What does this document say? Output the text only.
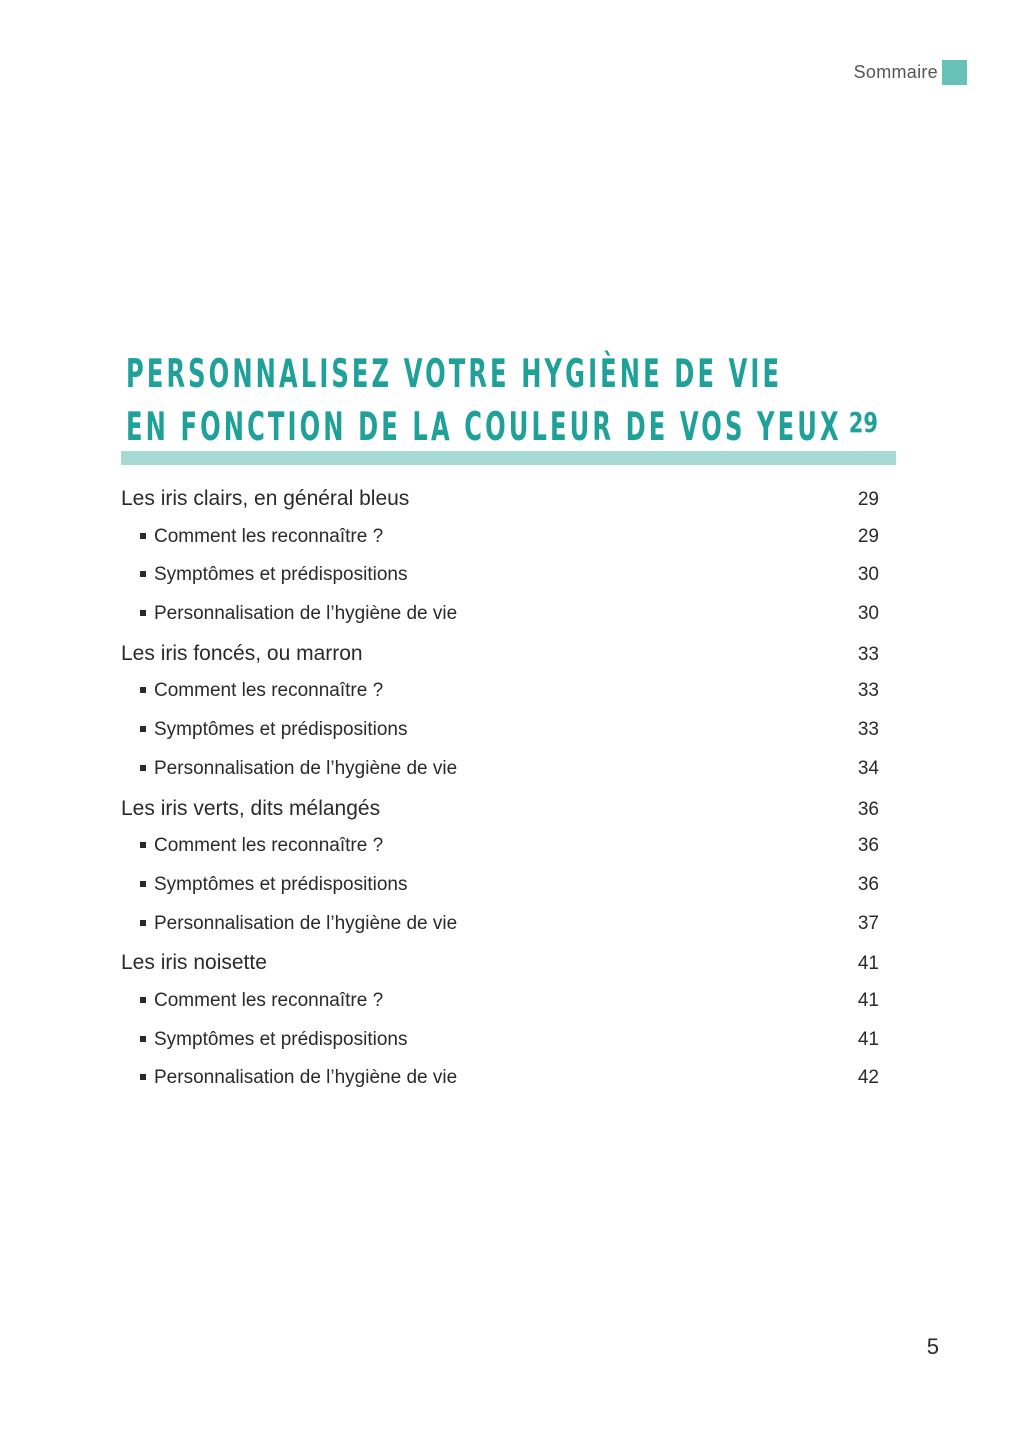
Sommaire

PERSONNALISEZ VOTRE HYGIÈNE DE VIE

EN FONCTION DE LA COULEUR DE VOS YEUX 29
Les iris clairs, en général bleus	29
Comment les reconnaître ?	29
Symptômes et prédispositions	30
Personnalisation de l’hygiène de vie	30
Les iris foncés, ou marron	33
Comment les reconnaître ?	33
Symptômes et prédispositions	33
Personnalisation de l’hygiène de vie	34
Les iris verts, dits mélangés	36
Comment les reconnaître ?	36
Symptômes et prédispositions	36
Personnalisation de l’hygiène de vie	37
Les iris noisette	41
Comment les reconnaître ?	41
Symptômes et prédispositions	41
Personnalisation de l’hygiène de vie	42
5
